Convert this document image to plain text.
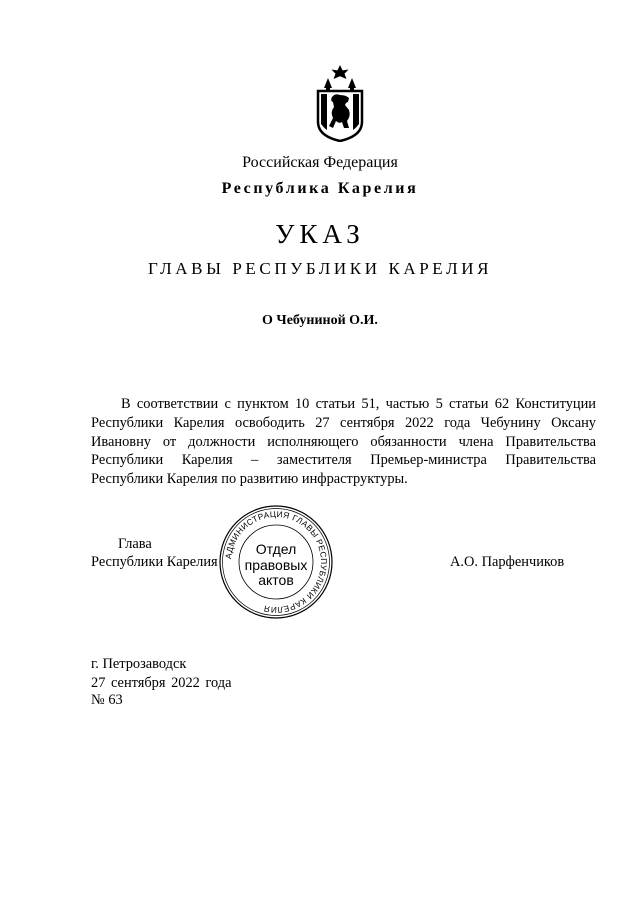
Российская Федерация
Республика Карелия
УКАЗ
ГЛАВЫ РЕСПУБЛИКИ КАРЕЛИЯ
О Чебуниной О.И.

В соответствии с пунктом 10 статьи 51, частью 5 статьи 62 Конституции Республики Карелия освободить 27 сентября 2022 года Чебунину Оксану Ивановну от должности исполняющего обязанности члена Правительства Республики Карелия – заместителя Премьер-министра Правительства Республики Карелия по развитию инфраструктуры.

Глава
Республики Карелия	А.О. Парфенчиков
АДМИНИСТРАЦИЯ ГЛАВЫ РЕСПУБЛИКИ КАРЕЛИЯ
Отдел
правовых
актов
г. Петрозаводск
27 сентября 2022 года
№ 63
